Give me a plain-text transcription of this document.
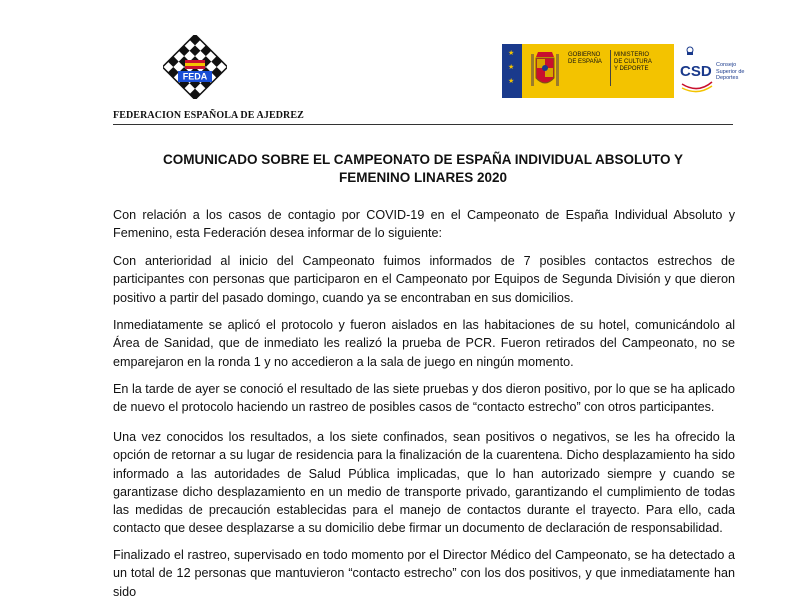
FEDA
FEDERACION ESPAÑOLA DE AJEDREZ
★
★
★
GOBIERNO
DE ESPAÑA
MINISTERIO
DE CULTURA
Y DEPORTE CSD Consejo
Superior de
Deportes
COMUNICADO SOBRE EL CAMPEONATO DE ESPAÑA INDIVIDUAL ABSOLUTO Y
FEMENINO LINARES 2020

Con relación a los casos de contagio por COVID-19 en el Campeonato de España Individual Absoluto y Femenino, esta Federación desea informar de lo siguiente:

Con anterioridad al inicio del Campeonato fuimos informados de 7 posibles contactos estrechos de participantes con personas que participaron en el Campeonato por Equipos de Segunda División y que dieron positivo a partir del pasado domingo, cuando ya se encontraban en sus domicilios.

Inmediatamente se aplicó el protocolo y fueron aislados en las habitaciones de su hotel, comunicándolo al Área de Sanidad, que de inmediato les realizó la prueba de PCR. Fueron retirados del Campeonato, no se emparejaron en la ronda 1 y no accedieron a la sala de juego en ningún momento.

En la tarde de ayer se conoció el resultado de las siete pruebas y dos dieron positivo, por lo que se ha aplicado de nuevo el protocolo haciendo un rastreo de posibles casos de “contacto estrecho” con otros participantes.

Una vez conocidos los resultados, a los siete confinados, sean positivos o negativos, se les ha ofrecido la opción de retornar a su lugar de residencia para la finalización de la cuarentena. Dicho desplazamiento ha sido informado a las autoridades de Salud Pública implicadas, que lo han autorizado siempre y cuando se garantizase dicho desplazamiento en un medio de transporte privado, garantizando el cumplimiento de todas las medidas de precaución establecidas para el manejo de contactos durante el trayecto. Para ello, cada contacto que desee desplazarse a su domicilio debe firmar un documento de declaración de responsabilidad.

Finalizado el rastreo, supervisado en todo momento por el Director Médico del Campeonato, se ha detectado a un total de 12 personas que mantuvieron “contacto estrecho” con los dos positivos, y que inmediatamente han sido
